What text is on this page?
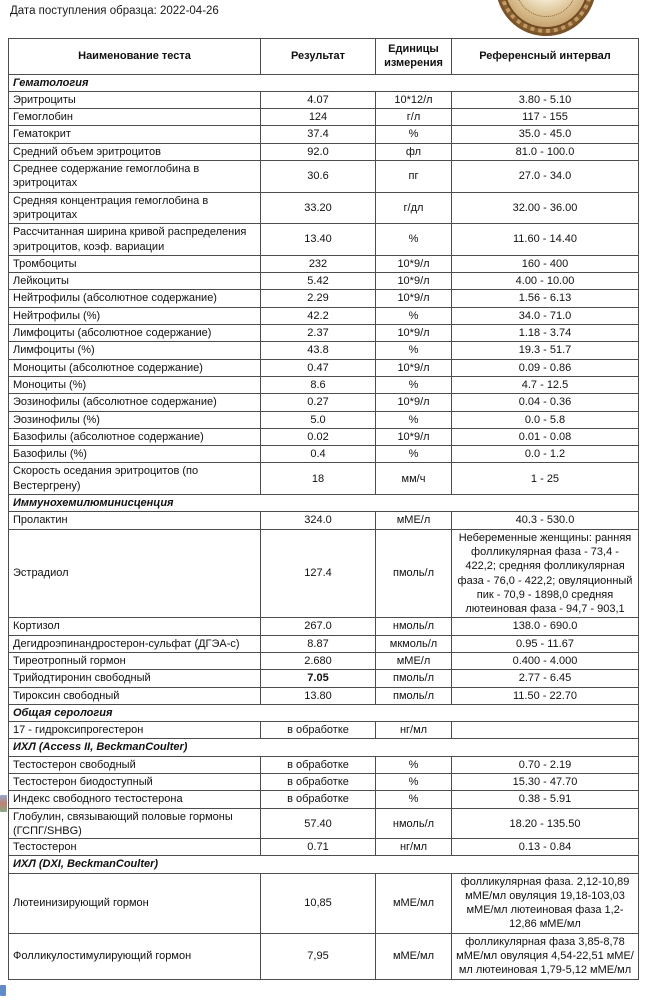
Дата поступления образца: 2022-04-26
Наименование теста	Результат	Единицы измерения	Референсный интервал
Гематология			
Эритроциты	4.07	10*12/л	3.80 - 5.10
Гемоглобин	124	г/л	117 - 155
Гематокрит	37.4	%	35.0 - 45.0
Средний объем эритроцитов	92.0	фл	81.0 - 100.0
Среднее содержание гемоглобина в эритроцитах	30.6	пг	27.0 - 34.0
Средняя концентрация гемоглобина в эритроцитах	33.20	г/дл	32.00 - 36.00
Рассчитанная ширина кривой распределения эритроцитов, коэф. вариации	13.40	%	11.60 - 14.40
Тромбоциты	232	10*9/л	160 - 400
Лейкоциты	5.42	10*9/л	4.00 - 10.00
Нейтрофилы (абсолютное содержание)	2.29	10*9/л	1.56 - 6.13
Нейтрофилы (%)	42.2	%	34.0 - 71.0
Лимфоциты (абсолютное содержание)	2.37	10*9/л	1.18 - 3.74
Лимфоциты (%)	43.8	%	19.3 - 51.7
Моноциты (абсолютное содержание)	0.47	10*9/л	0.09 - 0.86
Моноциты (%)	8.6	%	4.7 - 12.5
Эозинофилы (абсолютное содержание)	0.27	10*9/л	0.04 - 0.36
Эозинофилы (%)	5.0	%	0.0 - 5.8
Базофилы (абсолютное содержание)	0.02	10*9/л	0.01 - 0.08
Базофилы (%)	0.4	%	0.0 - 1.2
Скорость оседания эритроцитов (по Вестергрену)	18	мм/ч	1 - 25
Иммунохемилюминисценция			
Пролактин	324.0	мМЕ/л	40.3 - 530.0
Эстрадиол	127.4	пмоль/л	Небеременные женщины: ранняя фолликулярная фаза - 73,4 - 422,2; средняя фолликулярная фаза - 76,0 - 422,2; овуляционный пик - 70,9 - 1898,0 средняя лютеиновая фаза - 94,7 - 903,1
Кортизол	267.0	нмоль/л	138.0 - 690.0
Дегидроэпинандростерон-сульфат (ДГЭА-с)	8.87	мкмоль/л	0.95 - 11.67
Тиреотропный гормон	2.680	мМЕ/л	0.400 - 4.000
Трийодтиронин свободный	7.05	пмоль/л	2.77 - 6.45
Тироксин свободный	13.80	пмоль/л	11.50 - 22.70
Общая серология			
17 - гидроксипрогестерон	в обработке	нг/мл	
ИХЛ (Access II, BeckmanCoulter)			
Тестостерон свободный	в обработке	%	0.70 - 2.19
Тестостерон биодоступный	в обработке	%	15.30 - 47.70
Индекс свободного тестостерона	в обработке	%	0.38 - 5.91
Глобулин, связывающий половые гормоны (ГСПГ/SHBG)	57.40	нмоль/л	18.20 - 135.50
Тестостерон	0.71	нг/мл	0.13 - 0.84
ИХЛ (DXI, BeckmanCoulter)			
Лютеинизирующий гормон	10,85	мМЕ/мл	фолликулярная фаза. 2,12-10,89 мМЕ/мл овуляция 19,18-103,03 мМЕ/мл лютеиновая фаза 1,2-12,86 мМЕ/мл
Фолликулостимулирующий гормон	7,95	мМЕ/мл	фолликулярная фаза 3,85-8,78 мМЕ/мл овуляция 4,54-22,51 мМЕ/мл лютеиновая 1,79-5,12 мМЕ/мл
